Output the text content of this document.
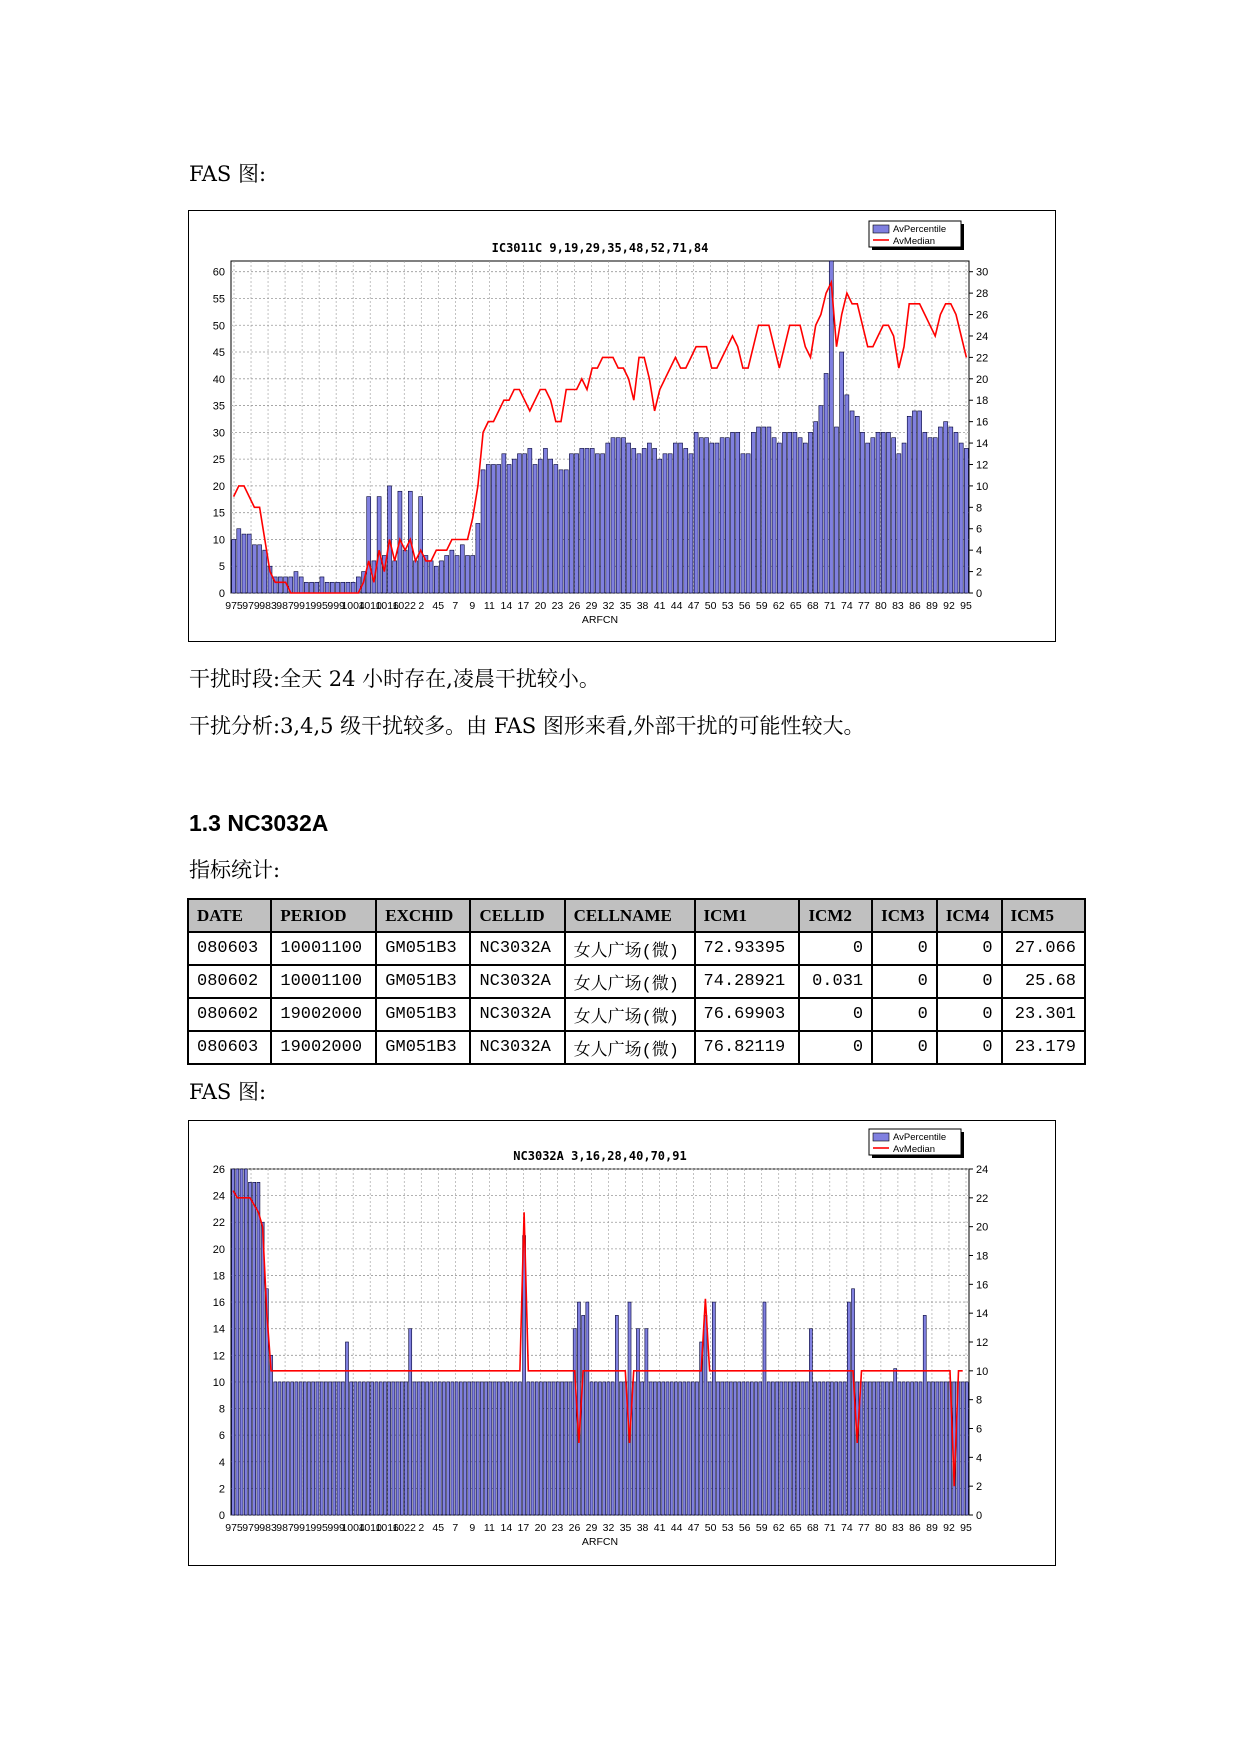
FAS 图:
IC3011C 9,19,29,35,48,52,71,84
0
5
10
15
20
25
30
35
40
45
50
55
60
0
2
4
6
8
10
12
14
16
18
20
22
24
26
28
30
975 979 983 987 991 995 999
1004
1010
1016
1022 2 45 7 9 11 14 17 20 23 26 29 32 35 38 41 44 47 50 53 56 59 62 65 68 71 74 77 80 83 86 89 92 95
ARFCN
AvPercentile
AvMedian
干扰时段:全天 24 小时存在,凌晨干扰较小。
干扰分析:3,4,5 级干扰较多。由 FAS 图形来看,外部干扰的可能性较大。
1.3 NC3032A
指标统计:
DATE	PERIOD	EXCHID	CELLID	CELLNAME	ICM1	ICM2	ICM3	ICM4	ICM5
080603	10001100	GM051B3	NC3032A	女人广场(微)	72.93395	0	0	0	27.066
080602	10001100	GM051B3	NC3032A	女人广场(微)	74.28921	0.031	0	0	25.68
080602	19002000	GM051B3	NC3032A	女人广场(微)	76.69903	0	0	0	23.301
080603	19002000	GM051B3	NC3032A	女人广场(微)	76.82119	0	0	0	23.179
FAS 图:
NC3032A 3,16,28,40,70,91
0
2
4
6
8
10
12
14
16
18
20
22
24
26
0
2
4
6
8
10
12
14
16
18
20
22
24
975 979 983 987 991 995 999
1004
1010
1016
1022 2 45 7 9 11 14 17 20 23 26 29 32 35 38 41 44 47 50 53 56 59 62 65 68 71 74 77 80 83 86 89 92 95
ARFCN
AvPercentile
AvMedian
